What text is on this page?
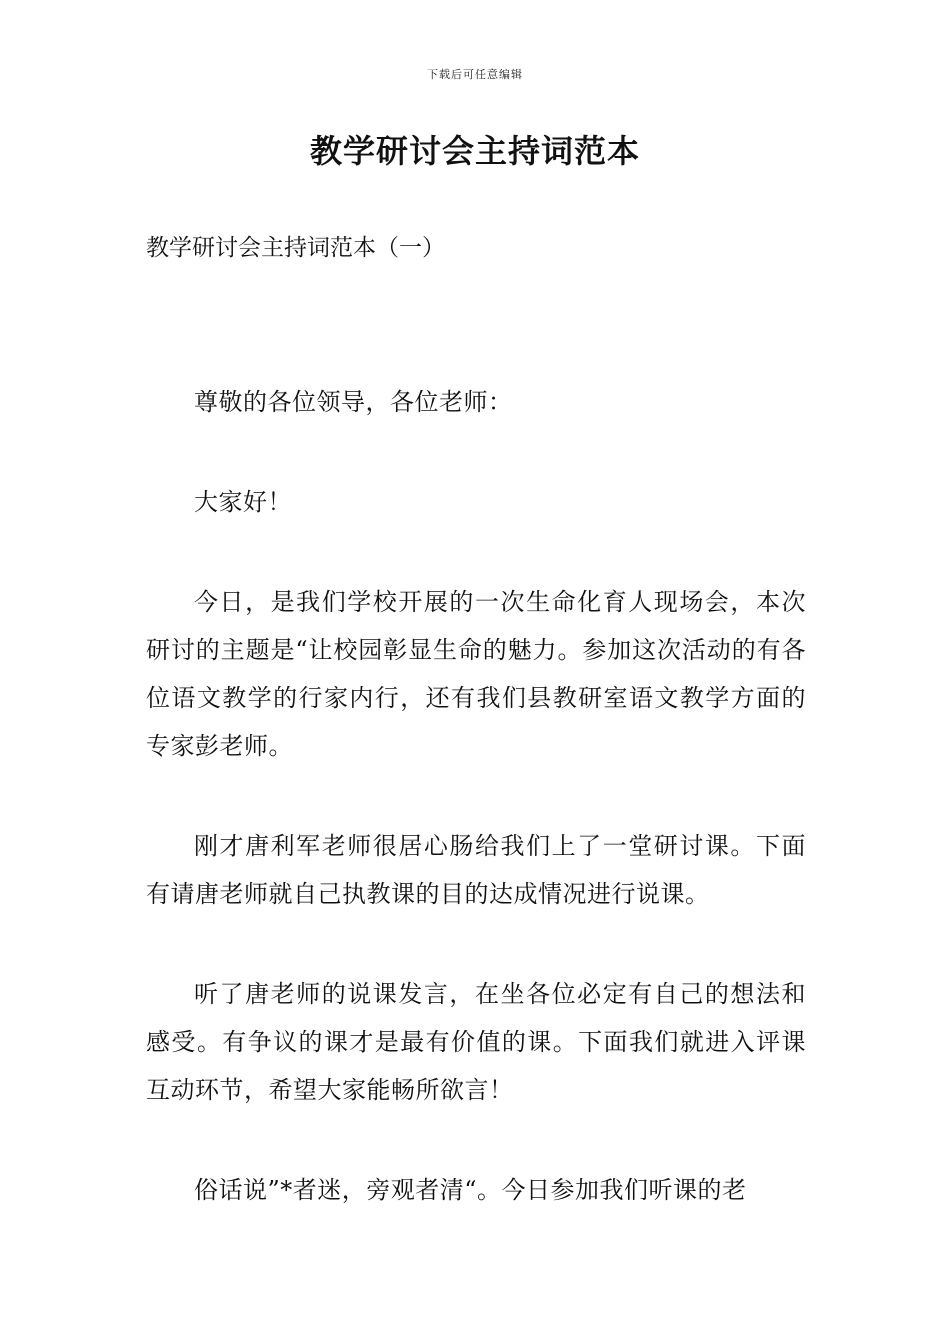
下载后可任意编辑
教学研讨会主持词范本
教学研讨会主持词范本（一）

尊敬的各位领导，各位老师：

大家好！

今日，是我们学校开展的一次生命化育人现场会，本次研讨的主题是“让校园彰显生命的魅力。参加这次活动的有各位语文教学的行家内行，还有我们县教研室语文教学方面的专家彭老师。

刚才唐利军老师很居心肠给我们上了一堂研讨课。下面有请唐老师就自己执教课的目的达成情况进行说课。

听了唐老师的说课发言，在坐各位必定有自己的想法和感受。有争议的课才是最有价值的课。下面我们就进入评课互动环节，希望大家能畅所欲言！

俗话说”*者迷，旁观者清“。今日参加我们听课的老
